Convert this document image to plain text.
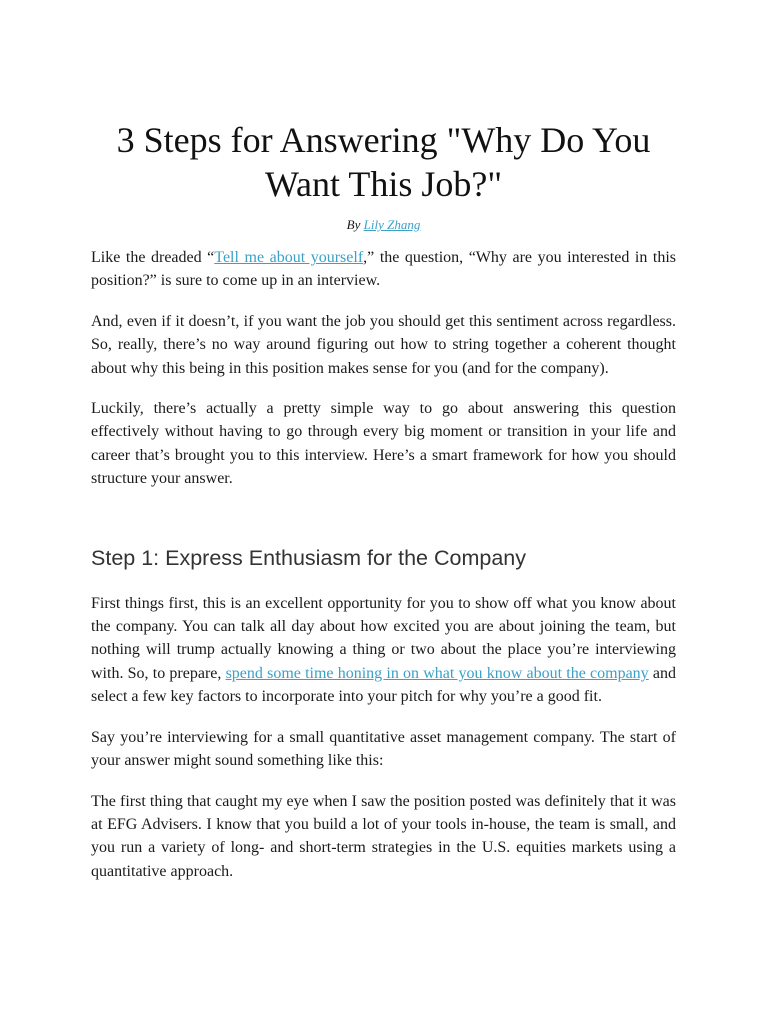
3 Steps for Answering "Why Do You Want This Job?"
By Lily Zhang

Like the dreaded “Tell me about yourself,” the question, “Why are you interested in this position?” is sure to come up in an interview.

And, even if it doesn’t, if you want the job you should get this sentiment across regardless. So, really, there’s no way around figuring out how to string together a coherent thought about why this being in this position makes sense for you (and for the company).

Luckily, there’s actually a pretty simple way to go about answering this question effectively without having to go through every big moment or transition in your life and career that’s brought you to this interview. Here’s a smart framework for how you should structure your answer.

Step 1: Express Enthusiasm for the Company

First things first, this is an excellent opportunity for you to show off what you know about the company. You can talk all day about how excited you are about joining the team, but nothing will trump actually knowing a thing or two about the place you’re interviewing with. So, to prepare, spend some time honing in on what you know about the company and select a few key factors to incorporate into your pitch for why you’re a good fit.

Say you’re interviewing for a small quantitative asset management company. The start of your answer might sound something like this:

The first thing that caught my eye when I saw the position posted was definitely that it was at EFG Advisers. I know that you build a lot of your tools in-house, the team is small, and you run a variety of long- and short-term strategies in the U.S. equities markets using a quantitative approach.
